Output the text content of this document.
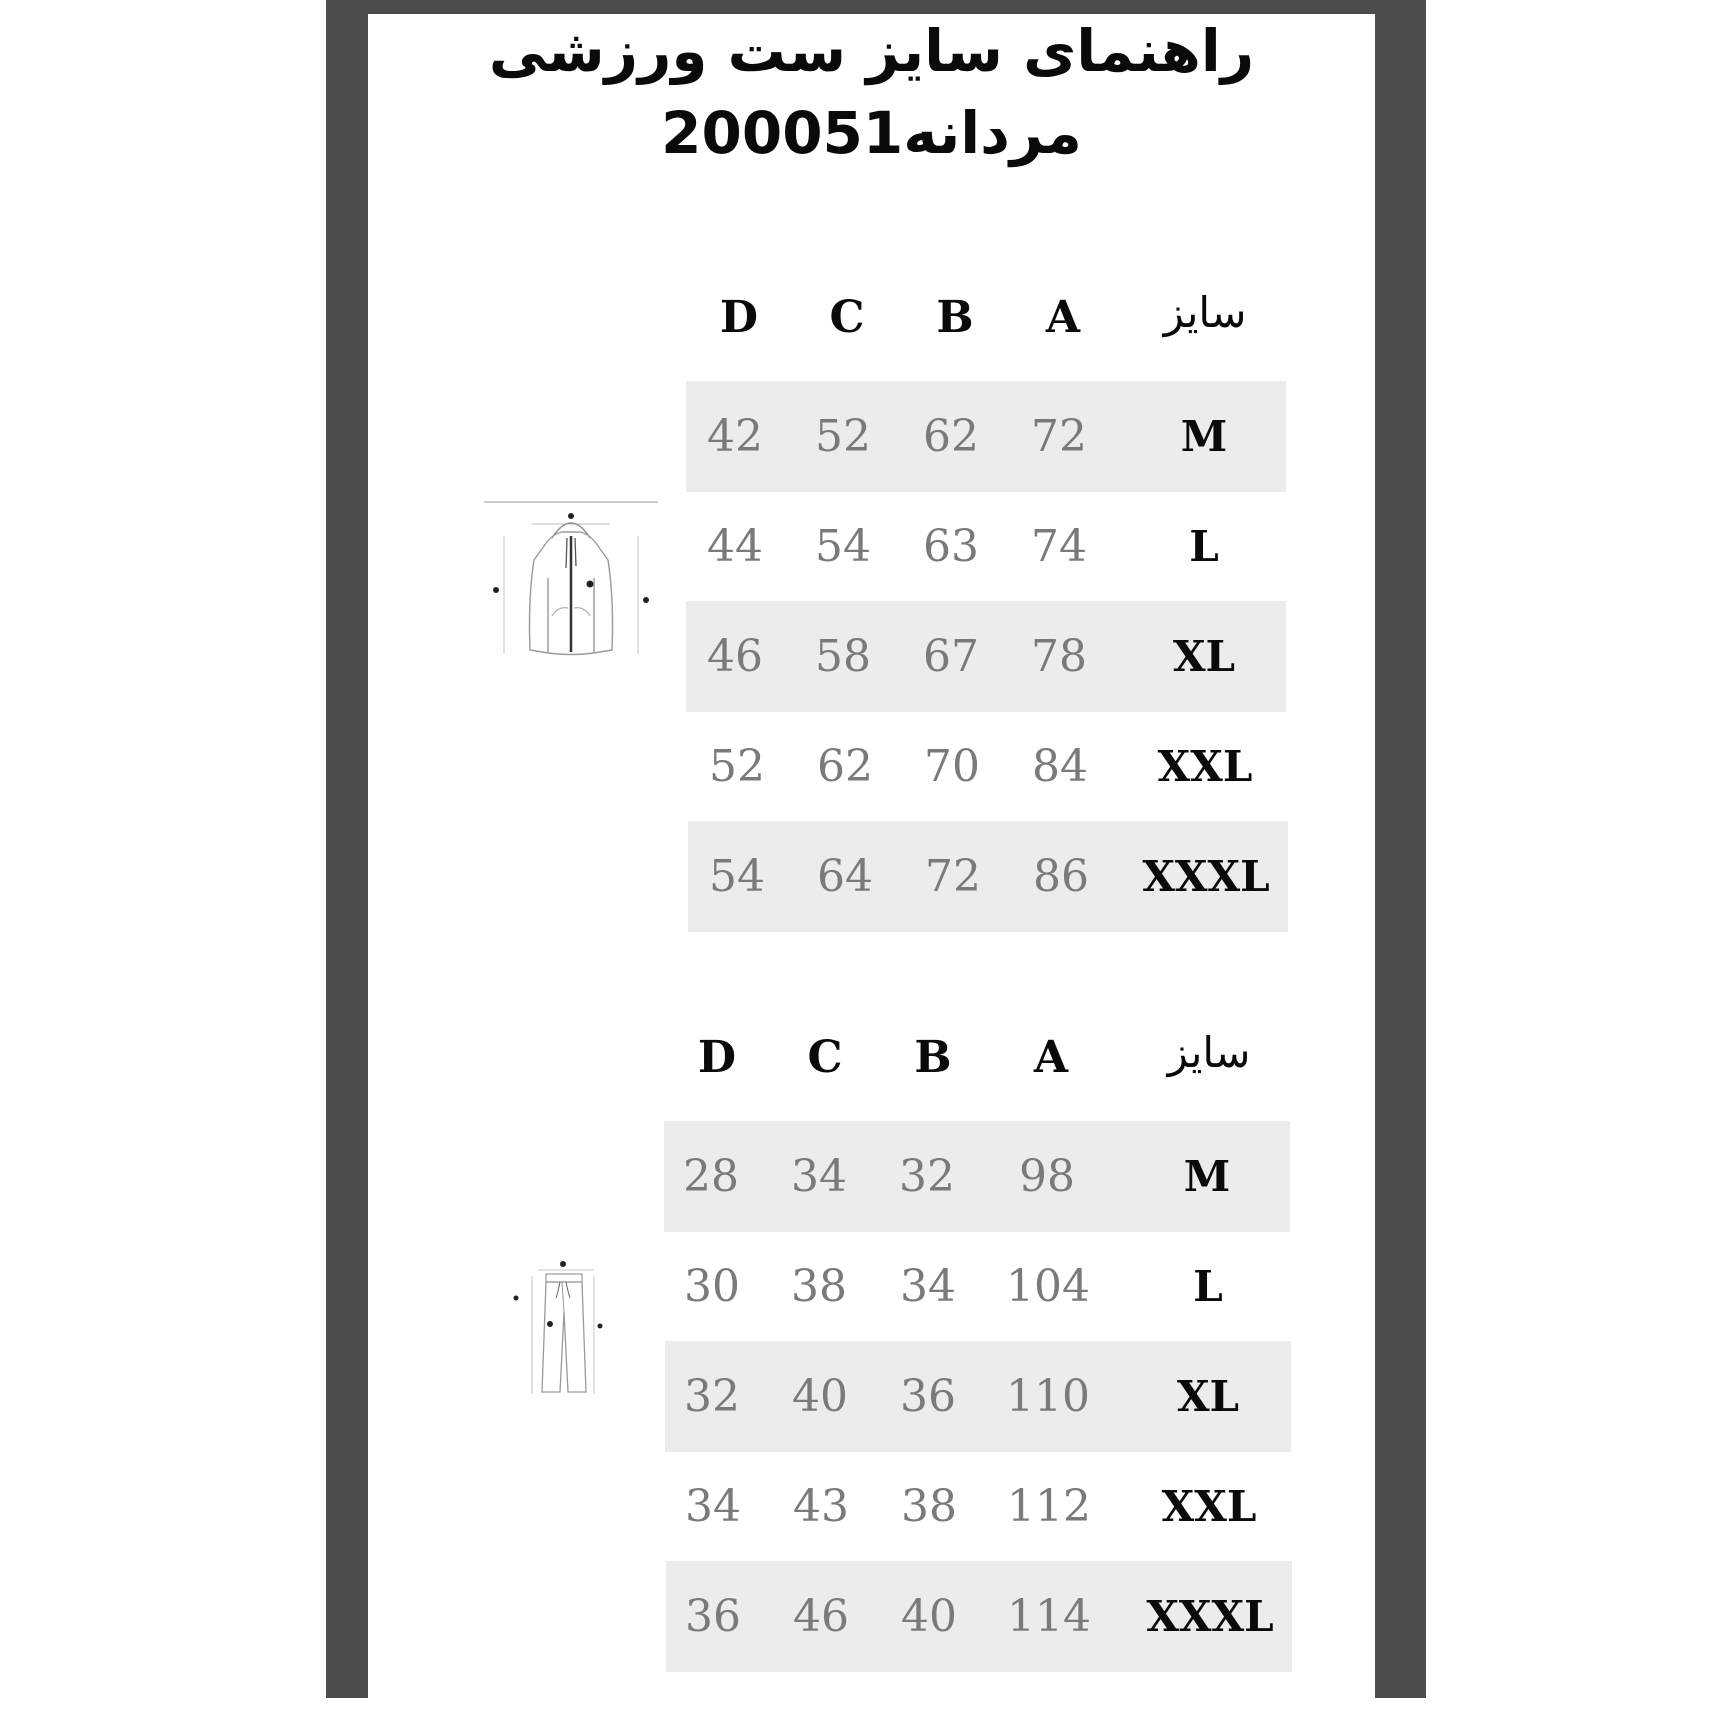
راهنمای سایز ست ورزشی
مردانه200051
D	C	B	A	سایز
42	52	62	72	M
44	54	63	74	L
46	58	67	78	XL
52	62	70	84	XXL
54	64	72	86	XXXL
D	C	B	A	سایز
28	34	32	98	M
30	38	34	104	L
32	40	36	110	XL
34	43	38	112	XXL
36	46	40	114	XXXL
